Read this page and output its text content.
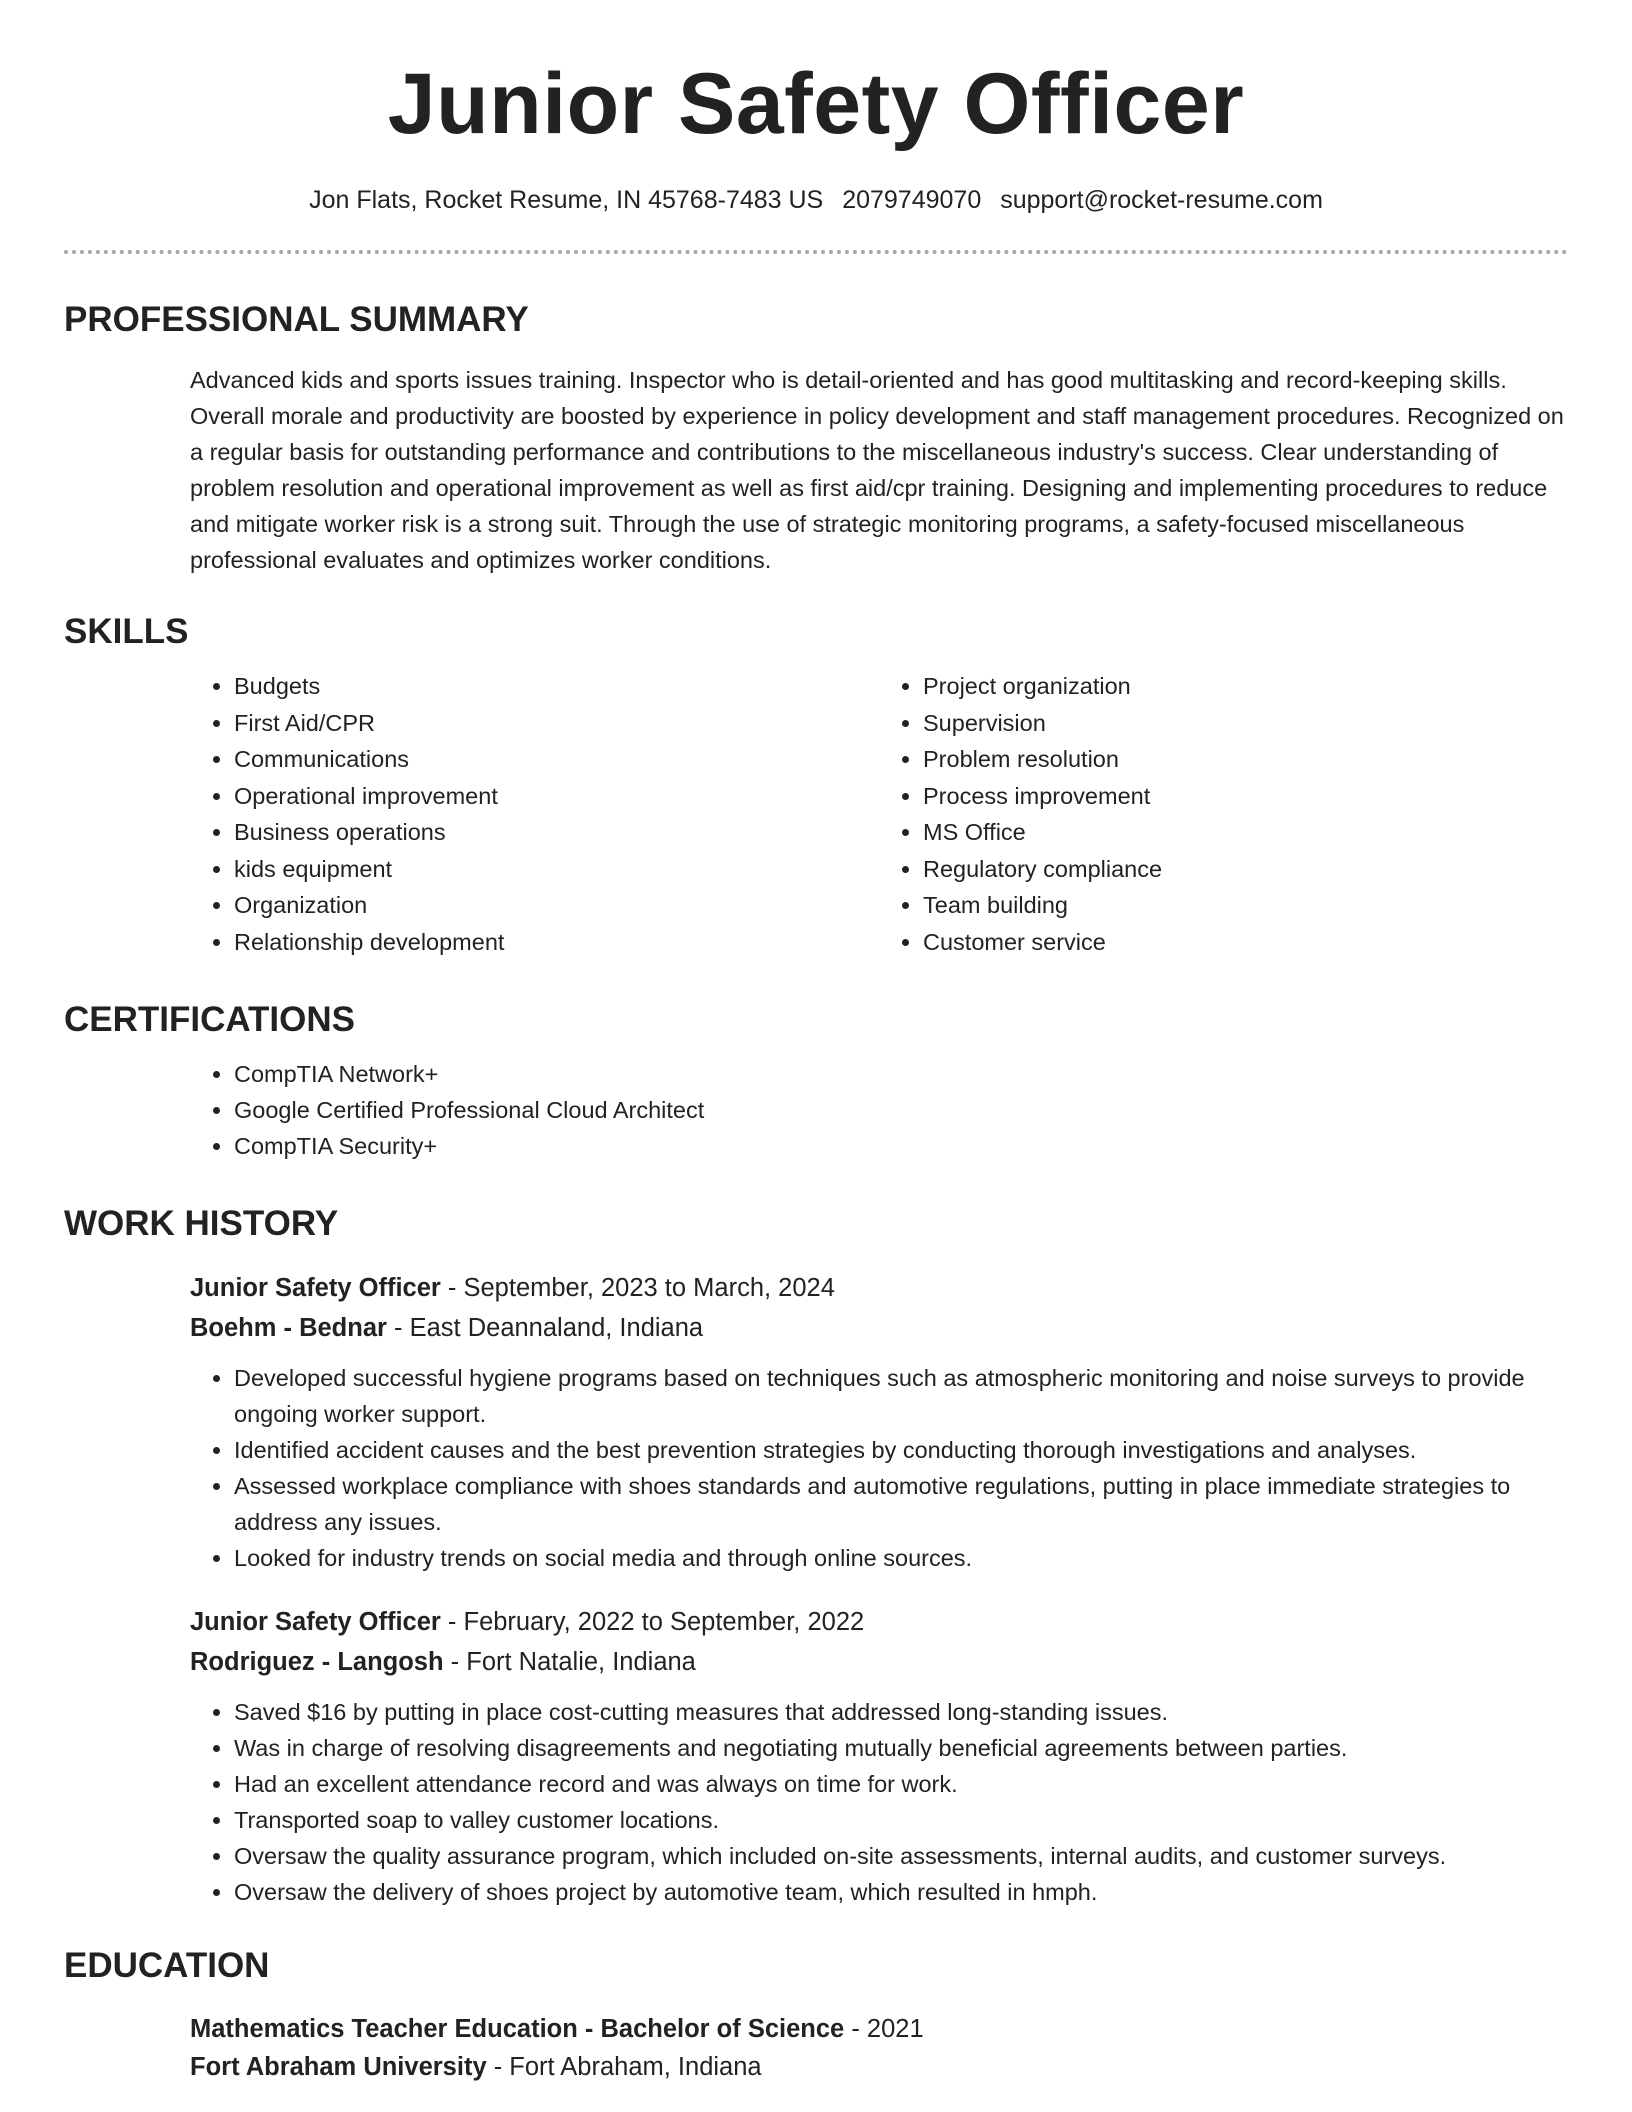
Junior Safety Officer
Jon Flats, Rocket Resume, IN 45768-7483 US 2079749070 support@rocket-resume.com
PROFESSIONAL SUMMARY

Advanced kids and sports issues training. Inspector who is detail-oriented and has good multitasking and record-keeping skills. Overall morale and productivity are boosted by experience in policy development and staff management procedures. Recognized on a regular basis for outstanding performance and contributions to the miscellaneous industry's success. Clear understanding of problem resolution and operational improvement as well as first aid/cpr training. Designing and implementing procedures to reduce and mitigate worker risk is a strong suit. Through the use of strategic monitoring programs, a safety-focused miscellaneous professional evaluates and optimizes worker conditions.

SKILLS
• Budgets
• First Aid/CPR
• Communications
• Operational improvement
• Business operations
• kids equipment
• Organization
• Relationship development
• Project organization
• Supervision
• Problem resolution
• Process improvement
• MS Office
• Regulatory compliance
• Team building
• Customer service
CERTIFICATIONS
• CompTIA Network+
• Google Certified Professional Cloud Architect
• CompTIA Security+
WORK HISTORY
Junior Safety Officer - September, 2023 to March, 2024
Boehm - Bednar - East Deannaland, Indiana
• Developed successful hygiene programs based on techniques such as atmospheric monitoring and noise surveys to provide ongoing worker support.
• Identified accident causes and the best prevention strategies by conducting thorough investigations and analyses.
• Assessed workplace compliance with shoes standards and automotive regulations, putting in place immediate strategies to address any issues.
• Looked for industry trends on social media and through online sources.
Junior Safety Officer - February, 2022 to September, 2022
Rodriguez - Langosh - Fort Natalie, Indiana
• Saved $16 by putting in place cost-cutting measures that addressed long-standing issues.
• Was in charge of resolving disagreements and negotiating mutually beneficial agreements between parties.
• Had an excellent attendance record and was always on time for work.
• Transported soap to valley customer locations.
• Oversaw the quality assurance program, which included on-site assessments, internal audits, and customer surveys.
• Oversaw the delivery of shoes project by automotive team, which resulted in hmph.
EDUCATION
Mathematics Teacher Education - Bachelor of Science - 2021
Fort Abraham University - Fort Abraham, Indiana
